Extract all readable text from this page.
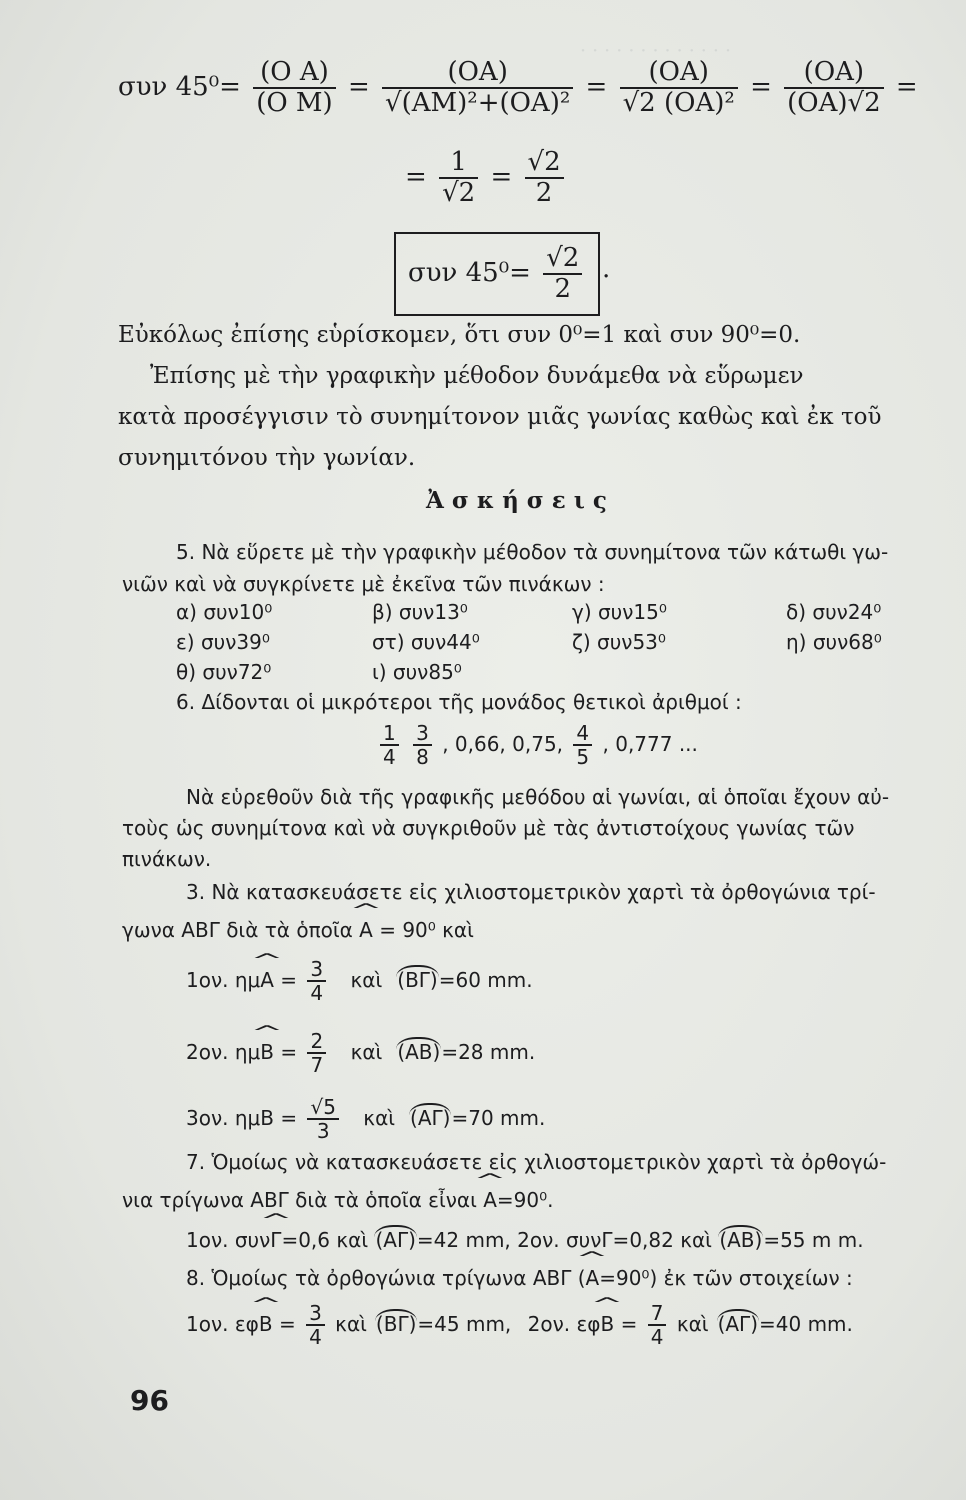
· · · · · · · · · · · · ·
συν $45^0= \frac{\text{(O A)}}{\text{(O M)}} = \frac{(OA)}{\text{√(AM)²+(OA)²}} = \frac{(OA)}{\text{√2 (OA)²}} = \frac{(OA)}{(OA)√2}$ =
= $\frac{1}{√2} = \frac{√2}{2}$
συν $45^0= \frac{√2}{2}$ .
Εὐκόλως ἐπίσης εὑρίσκομεν, ὅτι συν 0⁰=1 καὶ συν 90⁰=0.
Ἐπίσης μὲ τὴν γραφικὴν μέθοδον δυνάμεθα νὰ εὕρωμεν
κατὰ προσέγγισιν τὸ συνημίτονον μιᾶς γωνίας καθὼς καὶ ἐκ τοῦ
συνημιτόνου τὴν γωνίαν.
Ἀ σ κ ή σ ε ι ς
5. Νὰ εὕρετε μὲ τὴν γραφικὴν μέθοδον τὰ συνημίτονα τῶν κάτωθι γω-
νιῶν καὶ νὰ συγκρίνετε μὲ ἐκεῖνα τῶν πινάκων :
α) συν10⁰	β) συν13⁰	γ) συν15⁰	δ) συν24⁰
ε) συν39⁰	στ) συν44⁰	ζ) συν53⁰	η) συν68⁰
θ) συν72⁰	ι) συν85⁰
6. Δίδονται οἱ μικρότεροι τῆς μονάδος θετικοὶ ἀριθμοί :
$\frac{1}{4}$
$\frac{3}{8}$ , 0,66, 0,75, $\frac{4}{5}$ , 0,777 ...
Νὰ εὑρεθοῦν διὰ τῆς γραφικῆς μεθόδου αἱ γωνίαι, αἱ ὁποῖαι ἔχουν αὐ-
τοὺς ὡς συνημίτονα καὶ νὰ συγκριθοῦν μὲ τὰς ἀντιστοίχους γωνίας τῶν
πινάκων.
3. Νὰ κατασκευάσετε εἰς χιλιοστομετρικὸν χαρτὶ τὰ ὀρθογώνια τρί-
γωνα ΑΒΓ διὰ τὰ ὁποῖα ^ A = 90⁰ καὶ
1ον. ημ^ $A = \frac{3}{4}$ καὶ (ΒΓ)=60 mm.
2ον. ημ^ $B = \frac{2}{7}$ καὶ (ΑΒ)=28 mm.
3ον. $\eta\mu B = \frac{√5}{3}$ καὶ (ΑΓ)=70 mm.
7. Ὁμοίως νὰ κατασκευάσετε εἰς χιλιοστομετρικὸν χαρτὶ τὰ ὀρθογώ-
νια τρίγωνα ΑΒΓ διὰ τὰ ὁποῖα εἶναι ^ A=90⁰.
1ον. συν^ Γ=0,6 καὶ (ΑΓ)=42 mm, 2ον. συνΓ=0,82 καὶ (ΑΒ)=55 m m.
8. Ὁμοίως τὰ ὀρθογώνια τρίγωνα ΑΒΓ (^ A=90⁰) ἐκ τῶν στοιχείων :
1ον. εφ^ $B = \frac{3}{4}$ καὶ (ΒΓ)=45 mm, 2ον. εφ^ $B = \frac{7}{4}$ καὶ (ΑΓ)=40 mm.
96
